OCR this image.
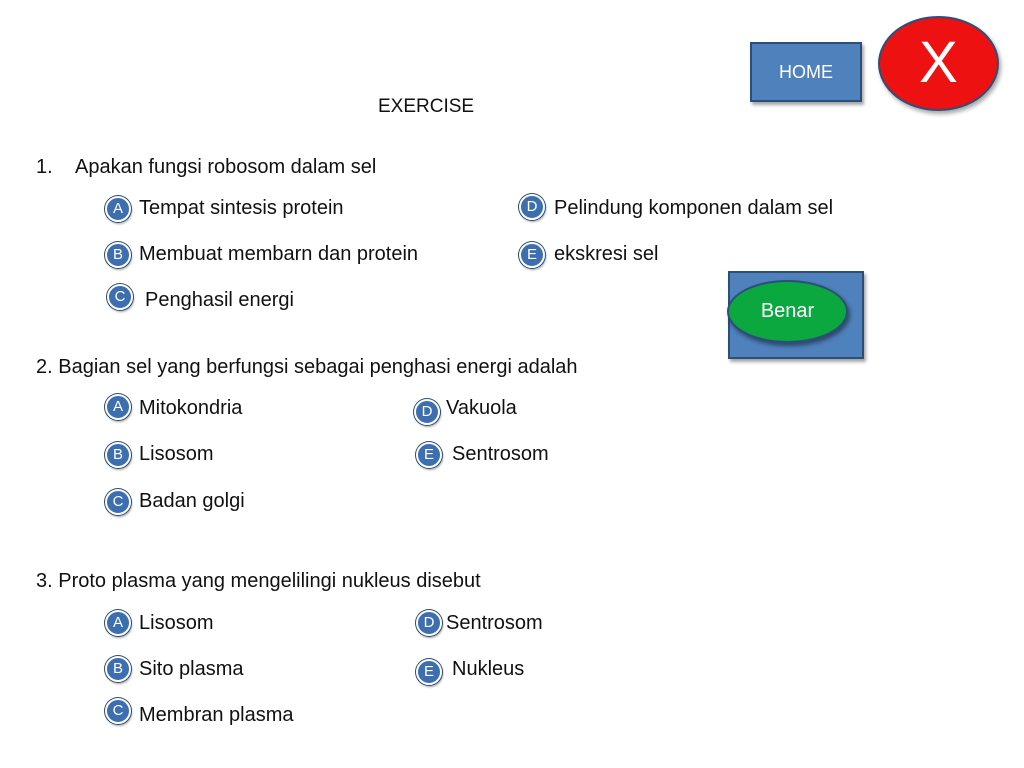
EXERCISE
HOME	X
Benar
1. Apakan fungsi robosom dalam sel
A Tempat sintesis protein
B Membuat membarn dan protein
C Penghasil energi
D Pelindung komponen dalam sel
E ekskresi sel
2. Bagian sel yang berfungsi sebagai penghasi energi adalah
A Mitokondria
B Lisosom
C Badan golgi
D Vakuola
E Sentrosom
3. Proto plasma yang mengelilingi nukleus disebut
A Lisosom
B Sito plasma
C Membran plasma
D Sentrosom
E Nukleus
